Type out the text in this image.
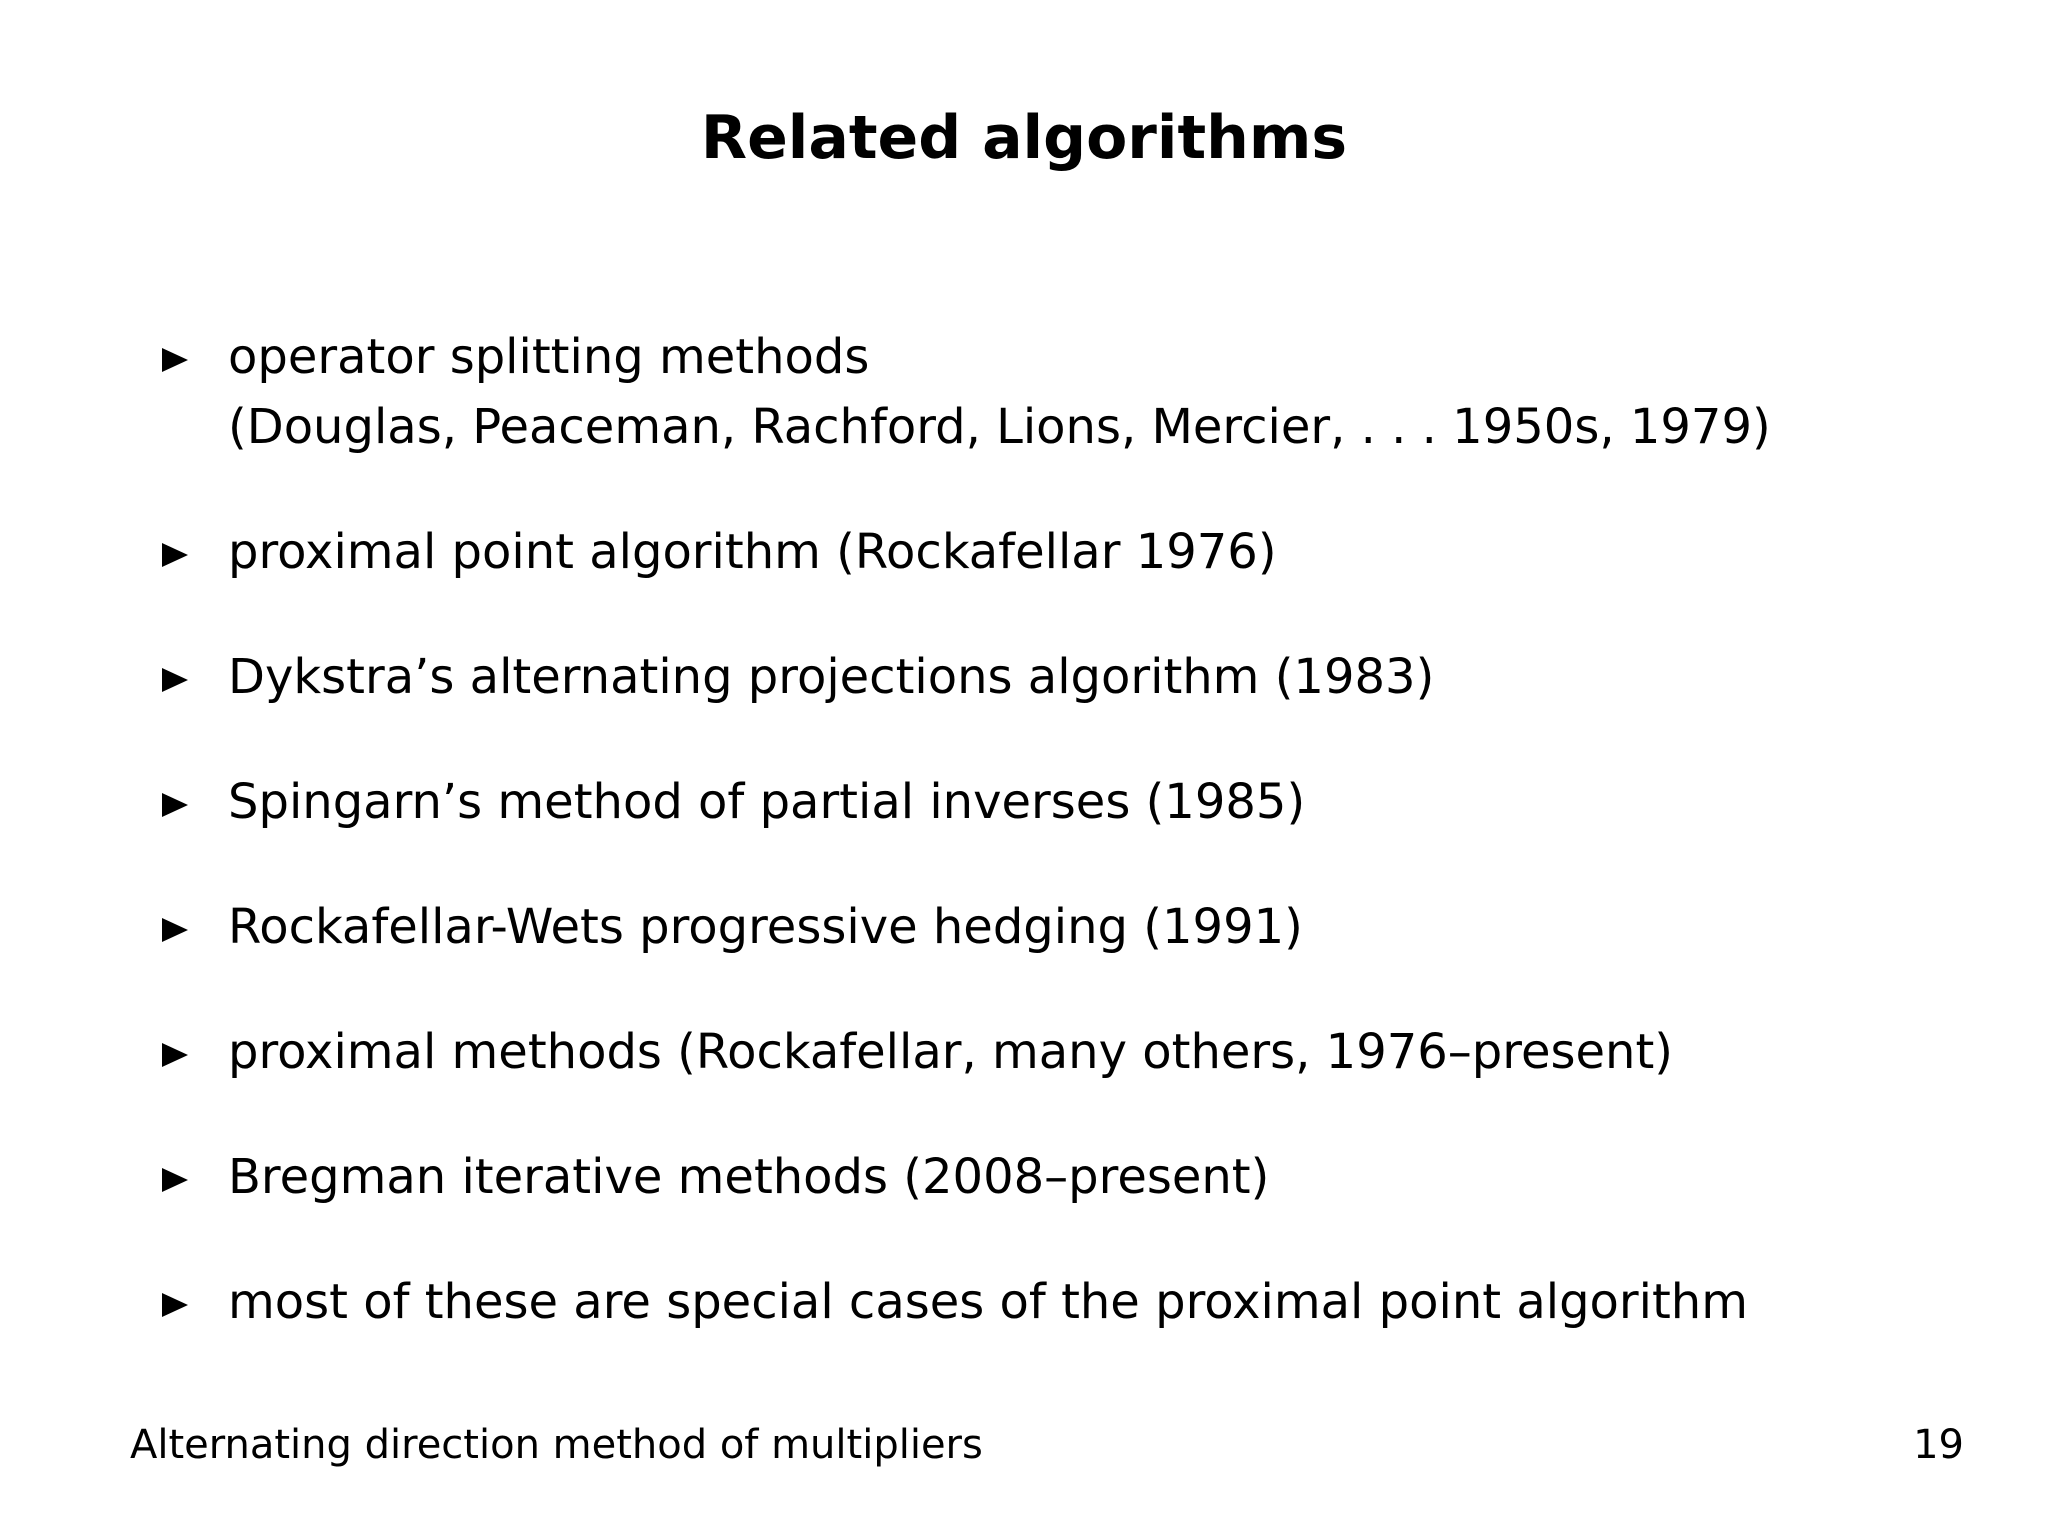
Related algorithms
operator splitting methods
(Douglas, Peaceman, Rachford, Lions, Mercier, . . . 1950s, 1979)
proximal point algorithm (Rockafellar 1976)
Dykstra’s alternating projections algorithm (1983)
Spingarn’s method of partial inverses (1985)
Rockafellar-Wets progressive hedging (1991)
proximal methods (Rockafellar, many others, 1976–present)
Bregman iterative methods (2008–present)
most of these are special cases of the proximal point algorithm
Alternating direction method of multipliers	19
